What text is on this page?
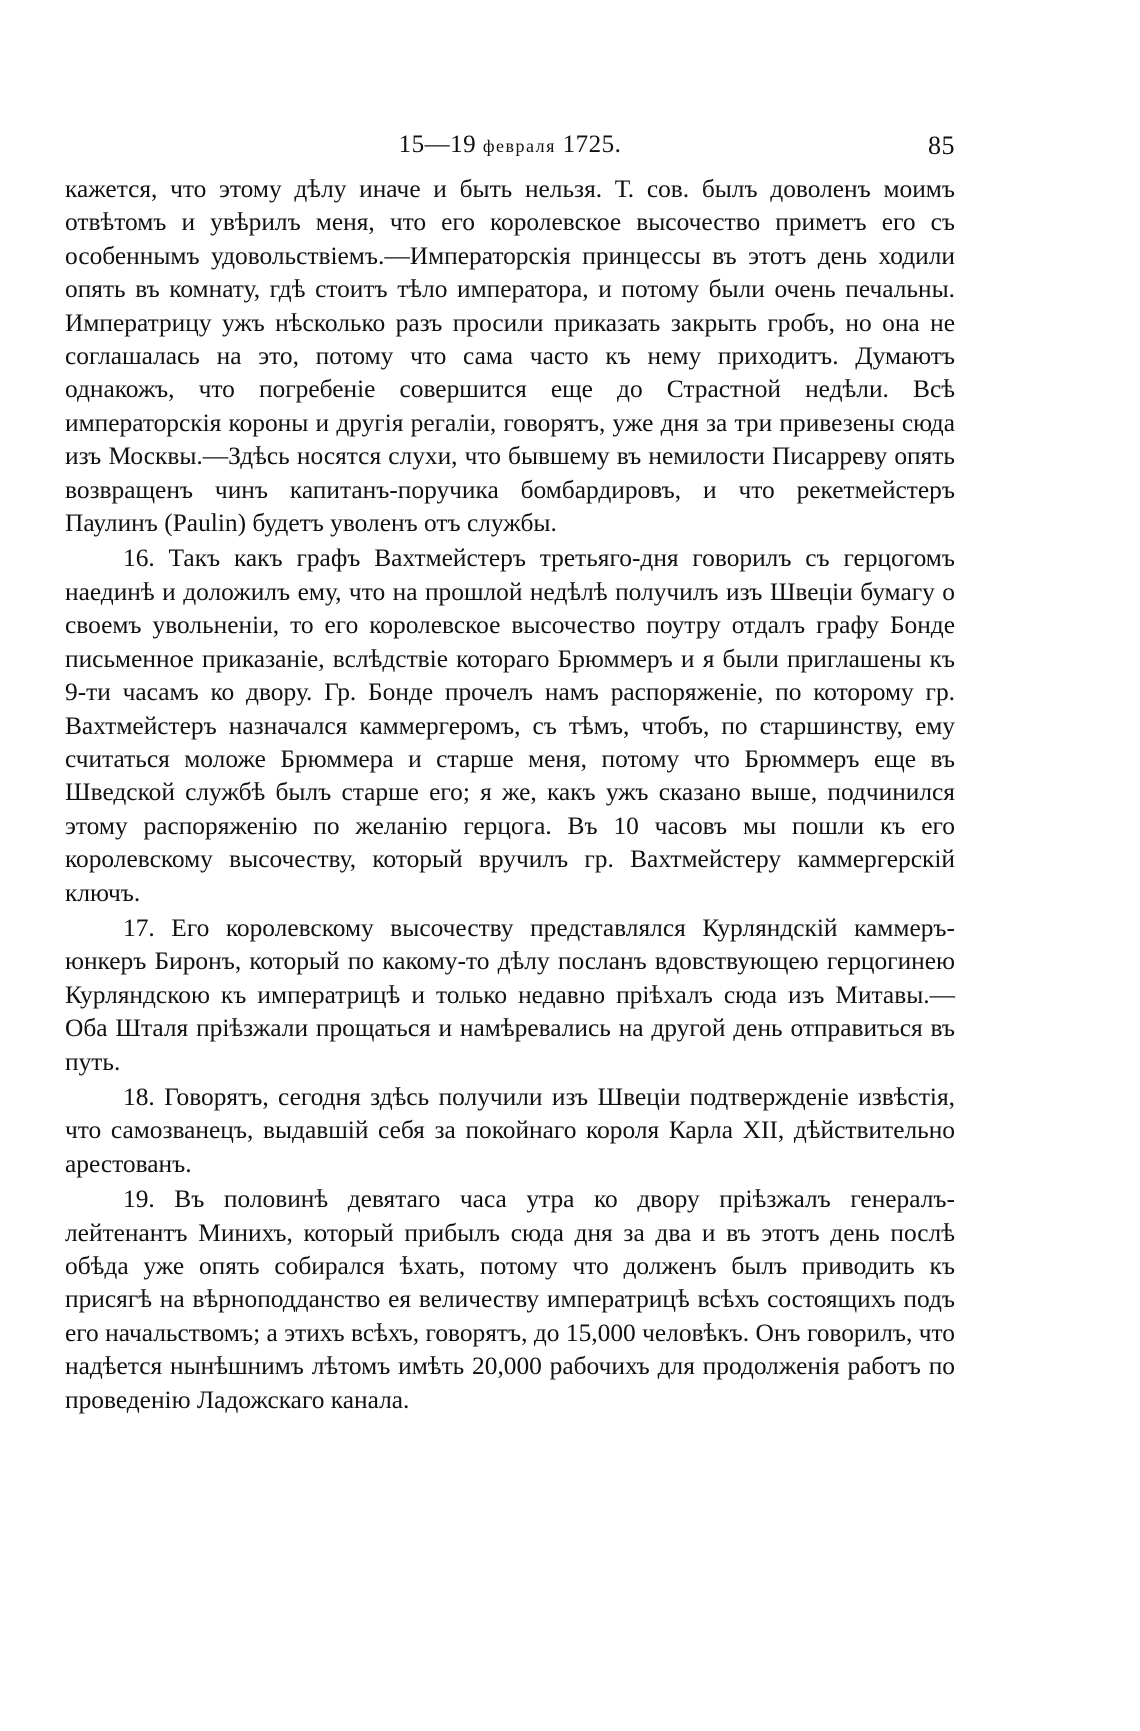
15—19 февраля 1725.	85

кажется, что этому дѣлу иначе и быть нельзя. Т. сов. былъ доволенъ моимъ отвѣтомъ и увѣрилъ меня, что его королевское высочество приметъ его съ особеннымъ удовольствіемъ.—Императорскія принцессы въ этотъ день ходили опять въ комнату, гдѣ стоитъ тѣло императора, и потому были очень печальны. Императрицу ужъ нѣсколько разъ просили приказать закрыть гробъ, но она не соглашалась на это, потому что сама часто къ нему приходитъ. Думаютъ однакожъ, что погребеніе совершится еще до Страстной недѣли. Всѣ императорскія короны и другія регаліи, говорятъ, уже дня за три привезены сюда изъ Москвы.—Здѣсь носятся слухи, что бывшему въ немилости Писарреву опять возвращенъ чинъ капитанъ-поручика бомбардировъ, и что рекетмейстеръ Паулинъ (Paulin) будетъ уволенъ отъ службы.

16. Такъ какъ графъ Вахтмейстеръ третьяго-дня говорилъ съ герцогомъ наединѣ и доложилъ ему, что на прошлой недѣлѣ получилъ изъ Швеціи бумагу о своемъ увольненіи, то его королевское высочество поутру отдалъ графу Бонде письменное приказаніе, вслѣдствіе котораго Брюммеръ и я были приглашены къ 9-ти часамъ ко двору. Гр. Бонде прочелъ намъ распоряженіе, по которому гр. Вахтмейстеръ назначался каммергеромъ, съ тѣмъ, чтобъ, по старшинству, ему считаться моложе Брюммера и старше меня, потому что Брюммеръ еще въ Шведской службѣ былъ старше его; я же, какъ ужъ сказано выше, подчинился этому распоряженію по желанію герцога. Въ 10 часовъ мы пошли къ его королевскому высочеству, который вручилъ гр. Вахтмейстеру каммергерскій ключъ.

17. Его королевскому высочеству представлялся Курляндскій каммеръ-юнкеръ Биронъ, который по какому-то дѣлу посланъ вдовствующею герцогинею Курляндскою къ императрицѣ и только недавно пріѣхалъ сюда изъ Митавы.—Оба Шталя пріѣзжали прощаться и намѣревались на другой день отправиться въ путь.

18. Говорятъ, сегодня здѣсь получили изъ Швеціи подтвержденіе извѣстія, что самозванецъ, выдавшій себя за покойнаго короля Карла XII, дѣйствительно арестованъ.

19. Въ половинѣ девятаго часа утра ко двору пріѣзжалъ генералъ-лейтенантъ Минихъ, который прибылъ сюда дня за два и въ этотъ день послѣ обѣда уже опять собирался ѣхать, потому что долженъ былъ приводить къ присягѣ на вѣрноподданство ея величеству императрицѣ всѣхъ состоящихъ подъ его начальствомъ; а этихъ всѣхъ, говорятъ, до 15,000 человѣкъ. Онъ говорилъ, что надѣется нынѣшнимъ лѣтомъ имѣть 20,000 рабочихъ для продолженія работъ по проведенію Ладожскаго канала.
